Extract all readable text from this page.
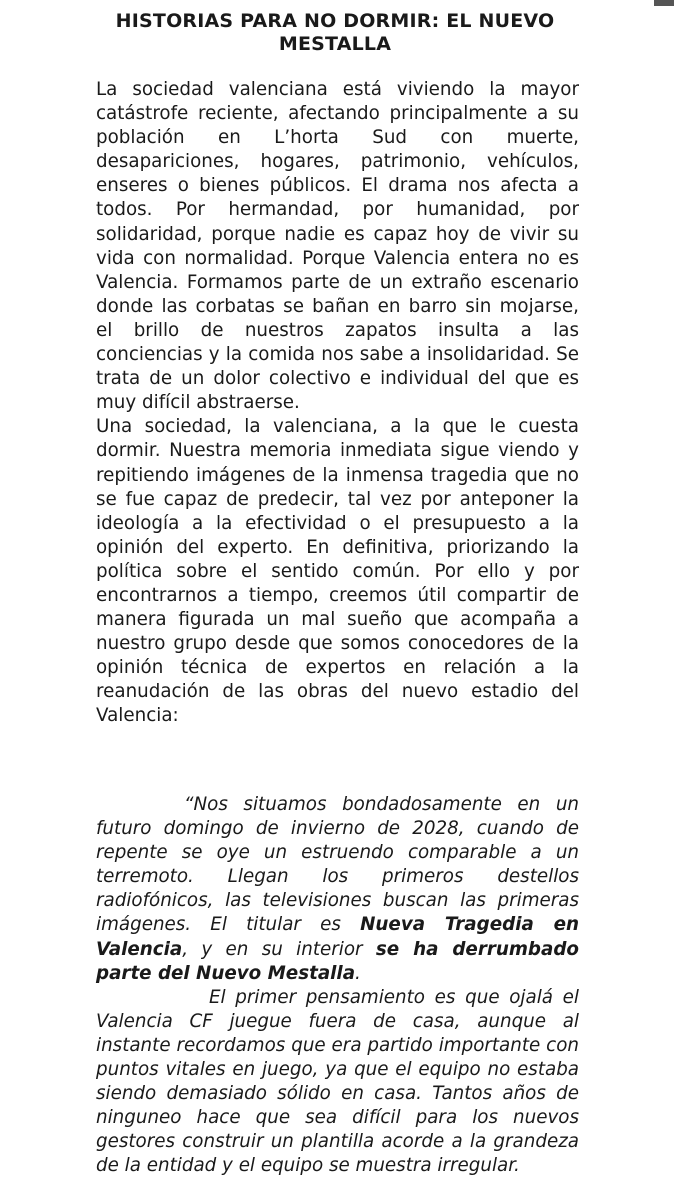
HISTORIAS PARA NO DORMIR: EL NUEVO MESTALLA

La sociedad valenciana está viviendo la mayor catástrofe reciente, afectando principalmente a su población en L’horta Sud con muerte, desapariciones, hogares, patrimonio, vehículos, enseres o bienes públicos. El drama nos afecta a todos. Por hermandad, por humanidad, por solidaridad, porque nadie es capaz hoy de vivir su vida con normalidad. Porque Valencia entera no es Valencia. Formamos parte de un extraño escenario donde las corbatas se bañan en barro sin mojarse, el brillo de nuestros zapatos insulta a las conciencias y la comida nos sabe a insolidaridad. Se trata de un dolor colectivo e individual del que es muy difícil abstraerse.

Una sociedad, la valenciana, a la que le cuesta dormir. Nuestra memoria inmediata sigue viendo y repitiendo imágenes de la inmensa tragedia que no se fue capaz de predecir, tal vez por anteponer la ideología a la efectividad o el presupuesto a la opinión del experto. En definitiva, priorizando la política sobre el sentido común. Por ello y por encontrarnos a tiempo, creemos útil compartir de manera figurada un mal sueño que acompaña a nuestro grupo desde que somos conocedores de la opinión técnica de expertos en relación a la reanudación de las obras del nuevo estadio del Valencia:

“Nos situamos bondadosamente en un futuro domingo de invierno de 2028, cuando de repente se oye un estruendo comparable a un terremoto. Llegan los primeros destellos radiofónicos, las televisiones buscan las primeras imágenes. El titular es Nueva Tragedia en Valencia, y en su interior se ha derrumbado parte del Nuevo Mestalla.

El primer pensamiento es que ojalá el Valencia CF juegue fuera de casa, aunque al instante recordamos que era partido importante con puntos vitales en juego, ya que el equipo no estaba siendo demasiado sólido en casa. Tantos años de ninguneo hace que sea difícil para los nuevos gestores construir un plantilla acorde a la grandeza de la entidad y el equipo se muestra irregular.
